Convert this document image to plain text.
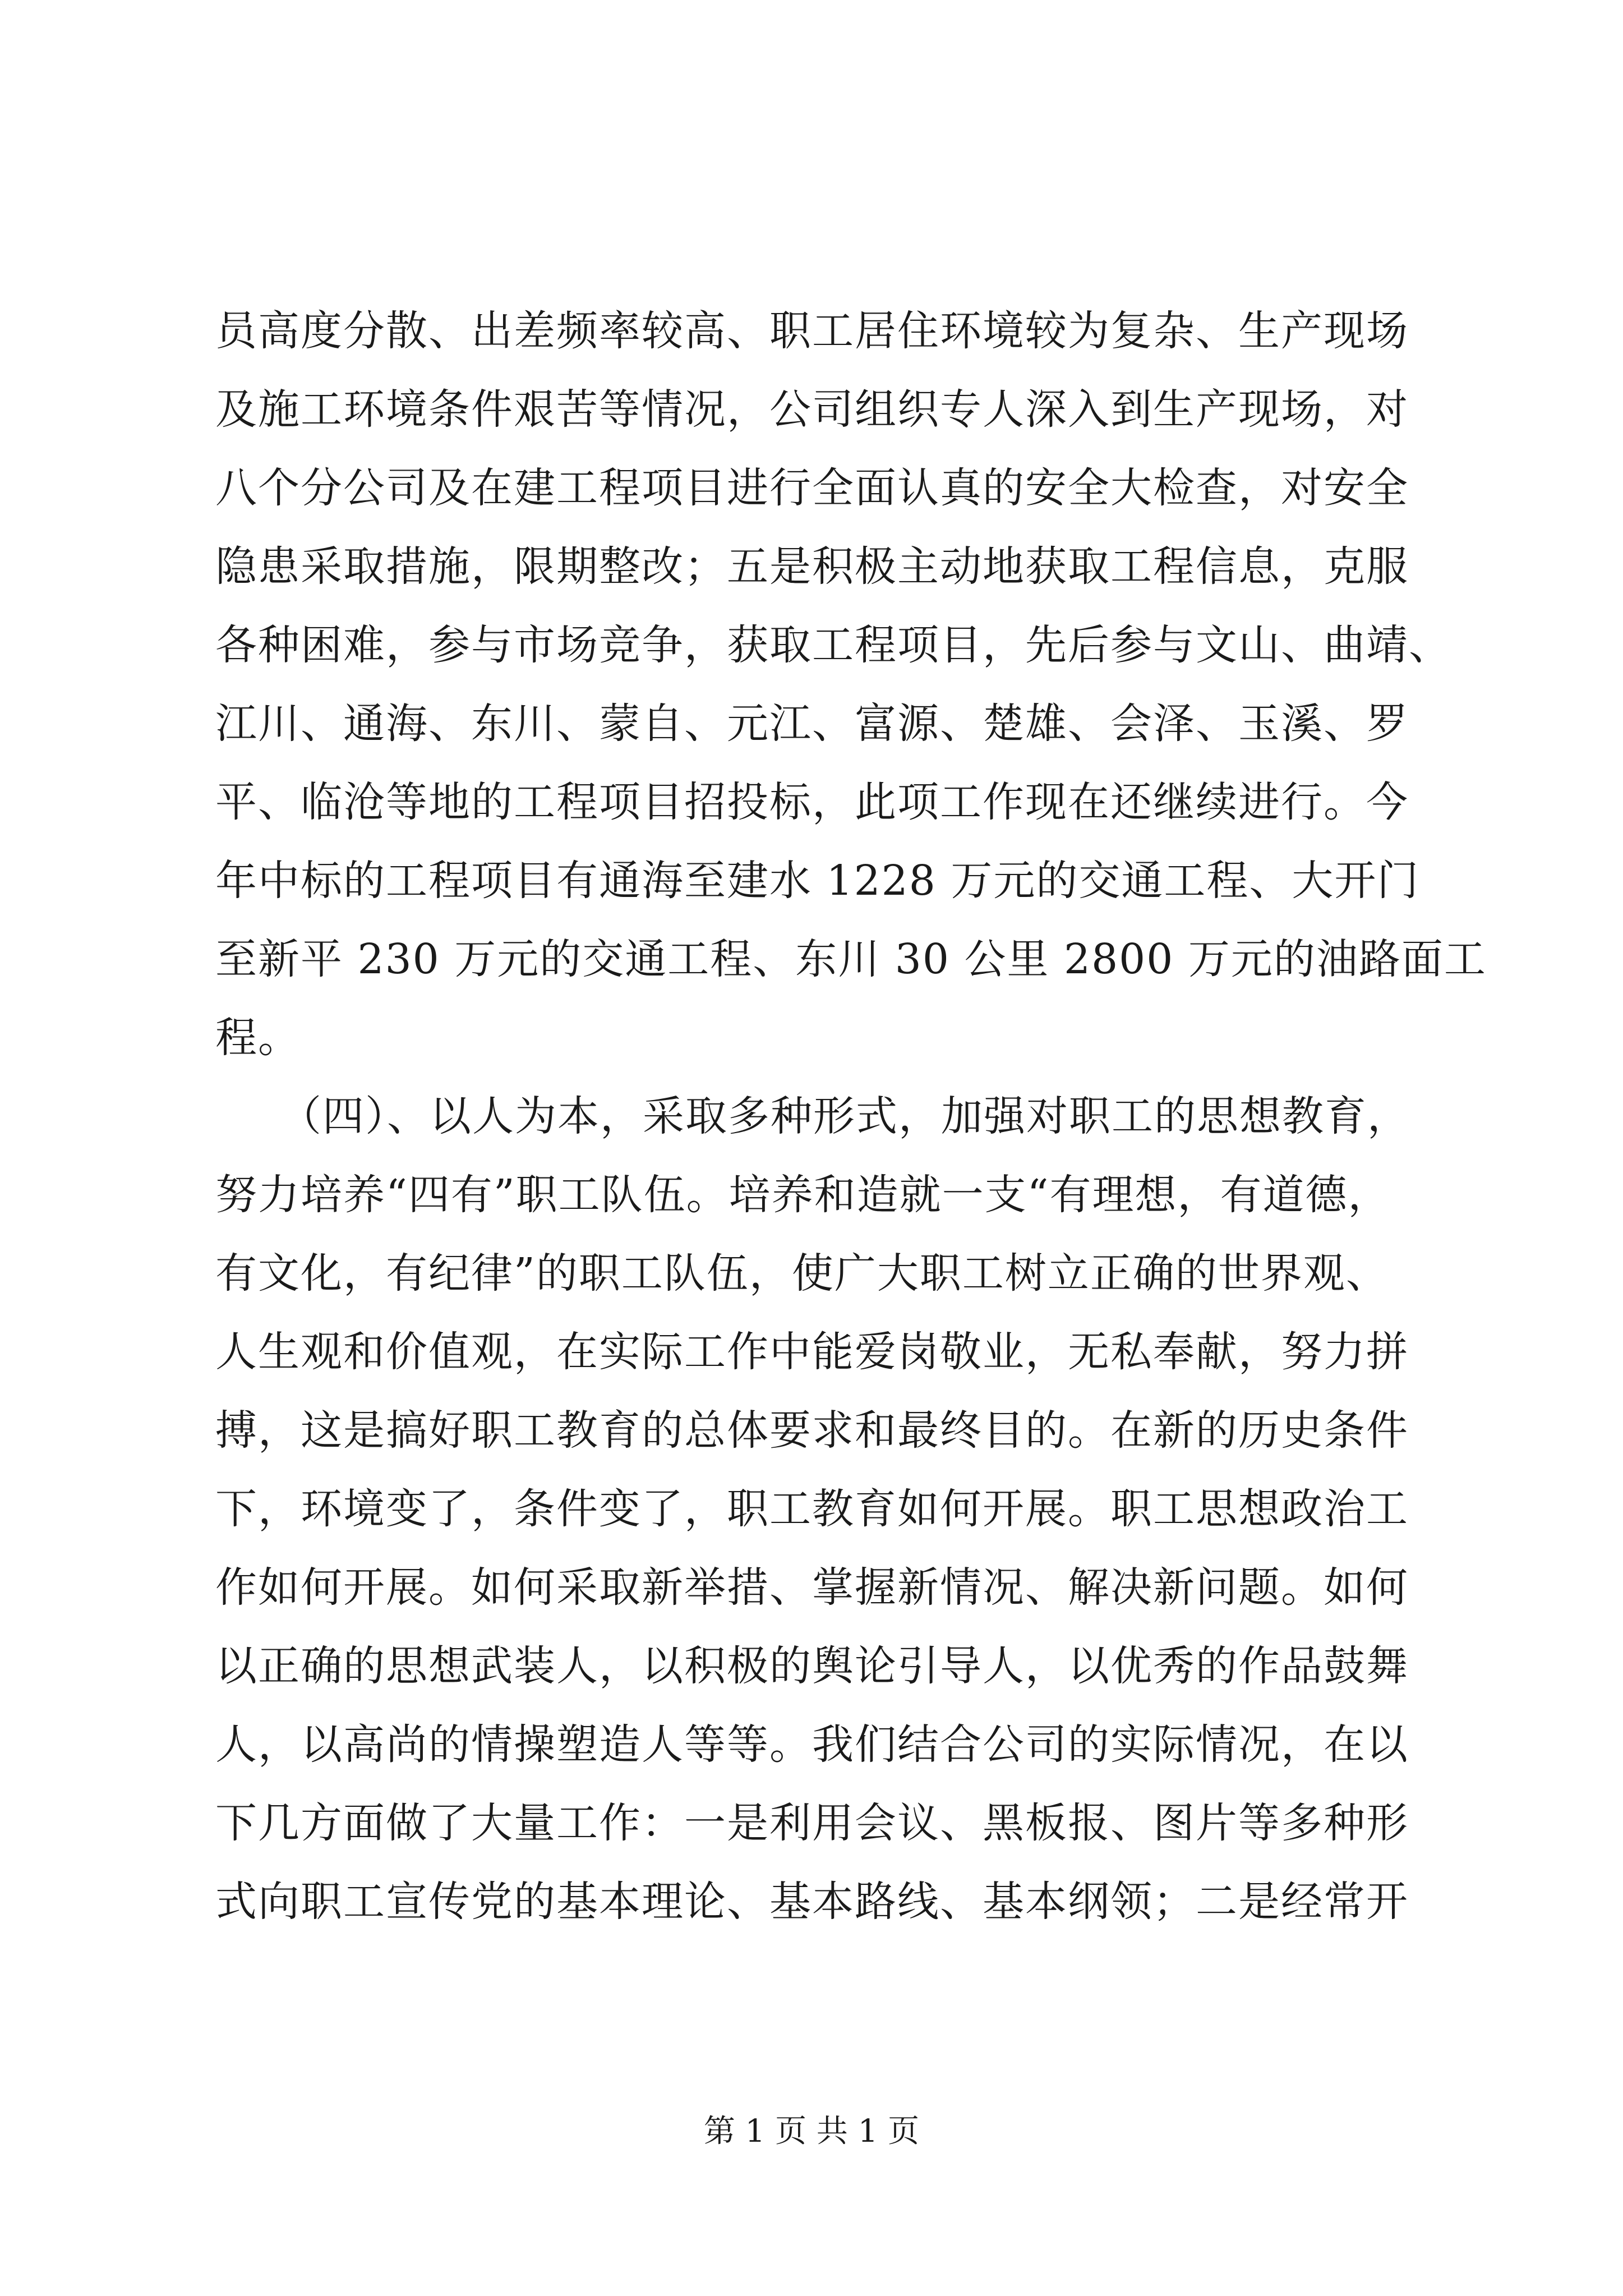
员高度分散、出差频率较高、职工居住环境较为复杂、生产现场
及施工环境条件艰苦等情况，公司组织专人深入到生产现场，对
八个分公司及在建工程项目进行全面认真的安全大检查，对安全
隐患采取措施，限期整改；五是积极主动地获取工程信息，克服
各种困难，参与市场竞争，获取工程项目，先后参与文山、曲靖、
江川、通海、东川、蒙自、元江、富源、楚雄、会泽、玉溪、罗
平、临沧等地的工程项目招投标，此项工作现在还继续进行。今
年中标的工程项目有通海至建水 1228 万元的交通工程、大开门
至新平 230 万元的交通工程、东川 30 公里 2800 万元的油路面工
程。
　　（四）、以人为本，采取多种形式，加强对职工的思想教育，
努力培养“四有”职工队伍。培养和造就一支“有理想，有道德，
有文化，有纪律”的职工队伍，使广大职工树立正确的世界观、
人生观和价值观，在实际工作中能爱岗敬业，无私奉献，努力拼
搏，这是搞好职工教育的总体要求和最终目的。在新的历史条件
下，环境变了，条件变了，职工教育如何开展。职工思想政治工
作如何开展。如何采取新举措、掌握新情况、解决新问题。如何
以正确的思想武装人，以积极的舆论引导人，以优秀的作品鼓舞
人，以高尚的情操塑造人等等。我们结合公司的实际情况，在以
下几方面做了大量工作：一是利用会议、黑板报、图片等多种形
式向职工宣传党的基本理论、基本路线、基本纲领；二是经常开
第 1 页 共 1 页
